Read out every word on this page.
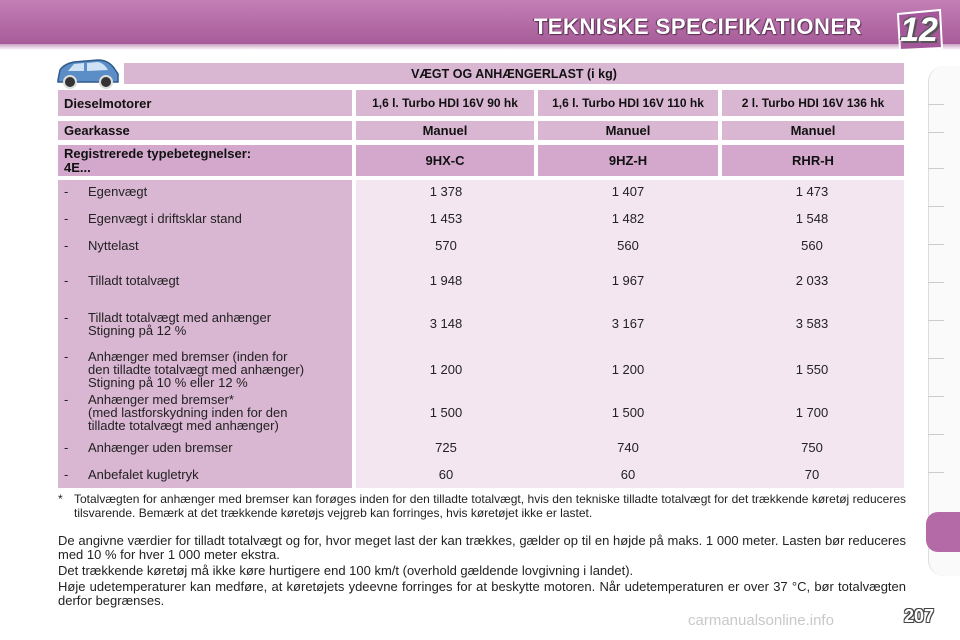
TEKNISKE SPECIFIKATIONER 12
VÆGT OG ANHÆNGERLAST (i kg)
Dieselmotorer	1,6 l. Turbo HDI 16V 90 hk	1,6 l. Turbo HDI 16V 110 hk	2 l. Turbo HDI 16V 136 hk
Gearkasse	Manuel	Manuel	Manuel
Registrerede typebetegnelser:
4E...	9HX-C	9HZ-H	RHR-H
- Egenvægt	1 378	1 407	1 473
- Egenvægt i driftsklar stand	1 453	1 482	1 548
- Nyttelast	570	560	560
- Tilladt totalvægt	1 948	1 967	2 033
- Tilladt totalvægt med anhænger
Stigning på 12 %	3 148	3 167	3 583
- Anhænger med bremser (inden for
den tilladte totalvægt med anhænger)
Stigning på 10 % eller 12 %
1 200	1 200	1 550
- Anhænger med bremser*
(med lastforskydning inden for den
tilladte totalvægt med anhænger)
1 500	1 500	1 700
- Anhænger uden bremser	725	740	750
- Anbefalet kugletryk	60	60	70
* Totalvægten for anhænger med bremser kan forøges inden for den tilladte totalvægt, hvis den tekniske tilladte totalvægt for det trækkende køretøj reduceres tilsvarende. Bemærk at det trækkende køretøjs vejgreb kan forringes, hvis køretøjet ikke er lastet.
De angivne værdier for tilladt totalvægt og for, hvor meget last der kan trækkes, gælder op til en højde på maks. 1 000 meter. Lasten bør reduceres med 10 % for hver 1 000 meter ekstra.
Det trækkende køretøj må ikke køre hurtigere end 100 km/t (overhold gældende lovgivning i landet).
Høje udetemperaturer kan medføre, at køretøjets ydeevne forringes for at beskytte motoren. Når udetemperaturen er over 37 °C, bør totalvægten derfor begrænses.
carmanualsonline.info	207
